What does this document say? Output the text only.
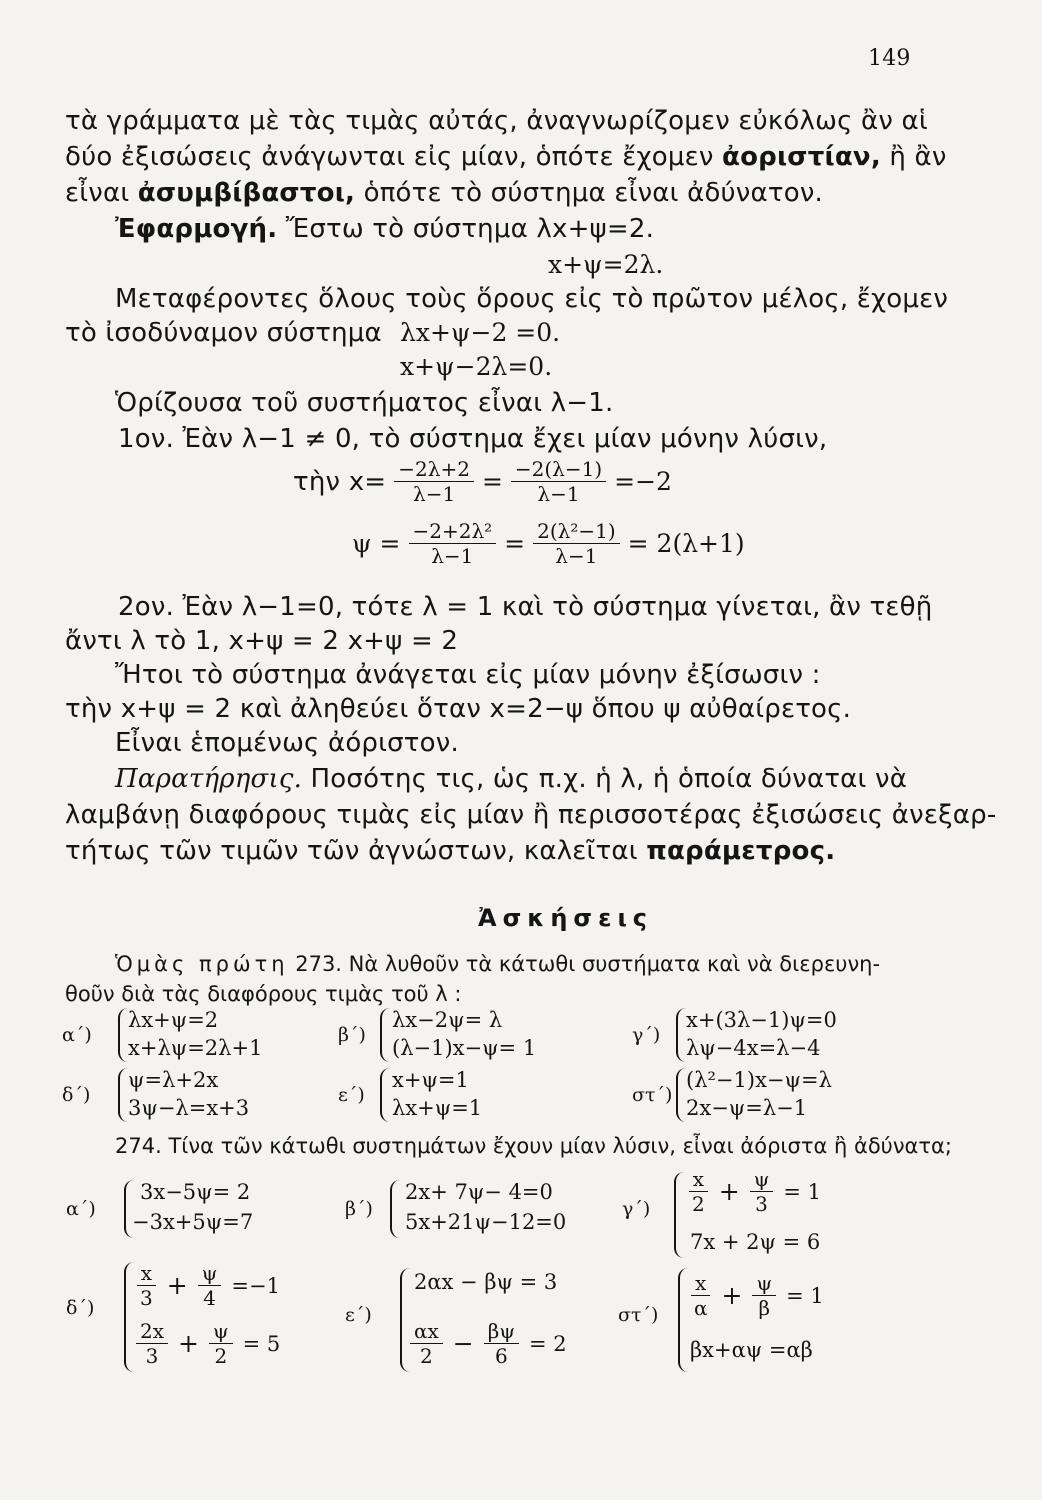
149
τὰ γράμματα μὲ τὰς τιμὰς αὐτάς, ἀναγνωρίζομεν εὐκόλως ἂν αἱ
δύο ἐξισώσεις ἀνάγωνται εἰς μίαν, ὁπότε ἔχομεν ἀοριστίαν, ἢ ἂν
εἶναι ἀσυμβίβαστοι, ὁπότε τὸ σύστημα εἶναι ἀδύνατον.
Ἐφαρμογή. Ἔστω τὸ σύστημα λx+ψ=2.
x+ψ=2λ.
Μεταφέροντες ὅλους τοὺς ὅρους εἰς τὸ πρῶτον μέλος, ἔχομεν
τὸ ἰσοδύναμον σύστημα λx+ψ−2 =0.
x+ψ−2λ=0.
Ὁρίζουσα τοῦ συστήματος εἶναι λ−1.
1ον. Ἐὰν λ−1 ≠ 0, τὸ σύστημα ἔχει μίαν μόνην λύσιν,
τὴν $x= \frac{-2\lambda+2}{\lambda-1} = \frac{-2(\lambda-1)}{\lambda-1} =-2$
$\psi = \frac{\text{−2+2λ²}}{\lambda-1} = \frac{\text{2(λ²−1)}}{\lambda-1} = 2(\lambda+1)$
2ον. Ἐὰν λ−1=0, τότε λ = 1 καὶ τὸ σύστημα γίνεται, ἂν τεθῇ
ἄντι λ τὸ 1, x+ψ = 2 x+ψ = 2
Ἤτοι τὸ σύστημα ἀνάγεται εἰς μίαν μόνην ἐξίσωσιν :
τὴν x+ψ = 2 καὶ ἀληθεύει ὅταν x=2−ψ ὅπου ψ αὐθαίρετος.
Εἶναι ἑπομένως ἀόριστον.
Παρατήρησις. Ποσότης τις, ὡς π.χ. ἡ λ, ἡ ὁποία δύναται νὰ
λαμβάνῃ διαφόρους τιμὰς εἰς μίαν ἢ περισσοτέρας ἐξισώσεις ἀνεξαρ-
τήτως τῶν τιμῶν τῶν ἀγνώστων, καλεῖται παράμετρος.
Ἀσκήσεις
Ὁμὰς πρώτη 273. Νὰ λυθοῦν τὰ κάτωθι συστήματα καὶ νὰ διερευνη-
θοῦν διὰ τὰς διαφόρους τιμὰς τοῦ λ :
α΄)
λx+ψ=2
x+λψ=2λ+1
β΄)
λx−2ψ= λ
(λ−1)x−ψ= 1
γ΄)
x+(3λ−1)ψ=0
λψ−4x=λ−4
δ΄)
ψ=λ+2x
3ψ−λ=x+3
ε΄)
x+ψ=1
λx+ψ=1
στ΄)
(λ²−1)x−ψ=λ
2x−ψ=λ−1
274. Τίνα τῶν κάτωθι συστημάτων ἔχουν μίαν λύσιν, εἶναι ἀόριστα ἢ ἀδύνατα;
α΄)
3x−5ψ= 2
−3x+5ψ=7
β΄)
2x+ 7ψ− 4=0
5x+21ψ−12=0
$\gamma΄) \frac{x}{2} + \frac{\psi}{3} = 1$
7x + 2ψ = 6
$\delta΄) \frac{x}{3} + \frac{\psi}{4} =-1$
$\frac{2x}{3} + \frac{\psi}{2} = 5$
ε΄)
2αx − βψ = 3
$\frac{\alpha x}{2} - \frac{\beta\psi}{6} = 2$
$\sigma\tau΄) \frac{x}{\alpha} + \frac{\psi}{\beta} = 1$
βx+αψ =αβ
